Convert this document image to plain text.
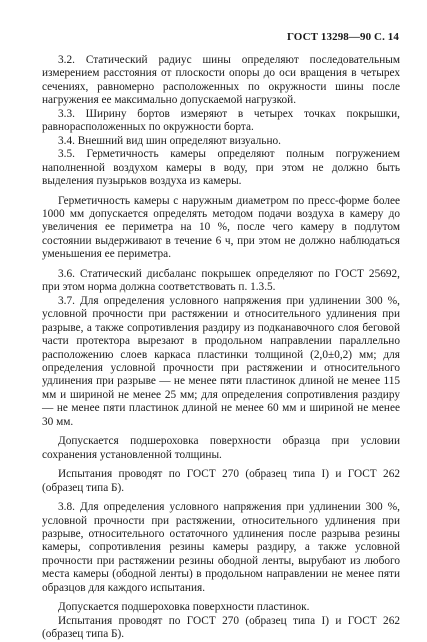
ГОСТ 13298—90 С. 14

3.2. Статический радиус шины определяют последовательным измерением расстояния от плоскости опоры до оси вращения в четырех сечениях, равномерно расположенных по окружности шины после нагружения ее максимально допускаемой нагрузкой.

3.3. Ширину бортов измеряют в четырех точках покрышки, равнорасположенных по окружности борта.

3.4. Внешний вид шин определяют визуально.

3.5. Герметичность камеры определяют полным погружением наполненной воздухом камеры в воду, при этом не должно быть выделения пузырьков воздуха из камеры.

Герметичность камеры с наружным диаметром по пресс-форме более 1000 мм допускается определять методом подачи воздуха в камеру до увеличения ее периметра на 10 %, после чего камеру в подлутом состоянии выдерживают в течение 6 ч, при этом не должно наблюдаться уменьшения ее периметра.

3.6. Статический дисбаланс покрышек определяют по ГОСТ 25692, при этом норма должна соответствовать п. 1.3.5.

3.7. Для определения условного напряжения при удлинении 300 %, условной прочности при растяжении и относительного удлинения при разрыве, а также сопротивления раздиру из подканавочного слоя беговой части протектора вырезают в продольном направлении параллельно расположению слоев каркаса пластинки толщиной (2,0±0,2) мм; для определения условной прочности при растяжении и относительного удлинения при разрыве — не менее пяти пластинок длиной не менее 115 мм и шириной не менее 25 мм; для определения сопротивления раздиру — не менее пяти пластинок длиной не менее 60 мм и шириной не менее 30 мм.

Допускается подшероховка поверхности образца при условии сохранения установленной толщины.

Испытания проводят по ГОСТ 270 (образец типа I) и ГОСТ 262 (образец типа Б).

3.8. Для определения условного напряжения при удлинении 300 %, условной прочности при растяжении, относительного удлинения при разрыве, относительного остаточного удлинения после разрыва резины камеры, сопротивления резины камеры раздиру, а также условной прочности при растяжении резины ободной ленты, вырубают из любого места камеры (ободной ленты) в продольном направлении не менее пяти образцов для каждого испытания.

Допускается подшероховка поверхности пластинок.

Испытания проводят по ГОСТ 270 (образец типа I) и ГОСТ 262 (образец типа Б).
